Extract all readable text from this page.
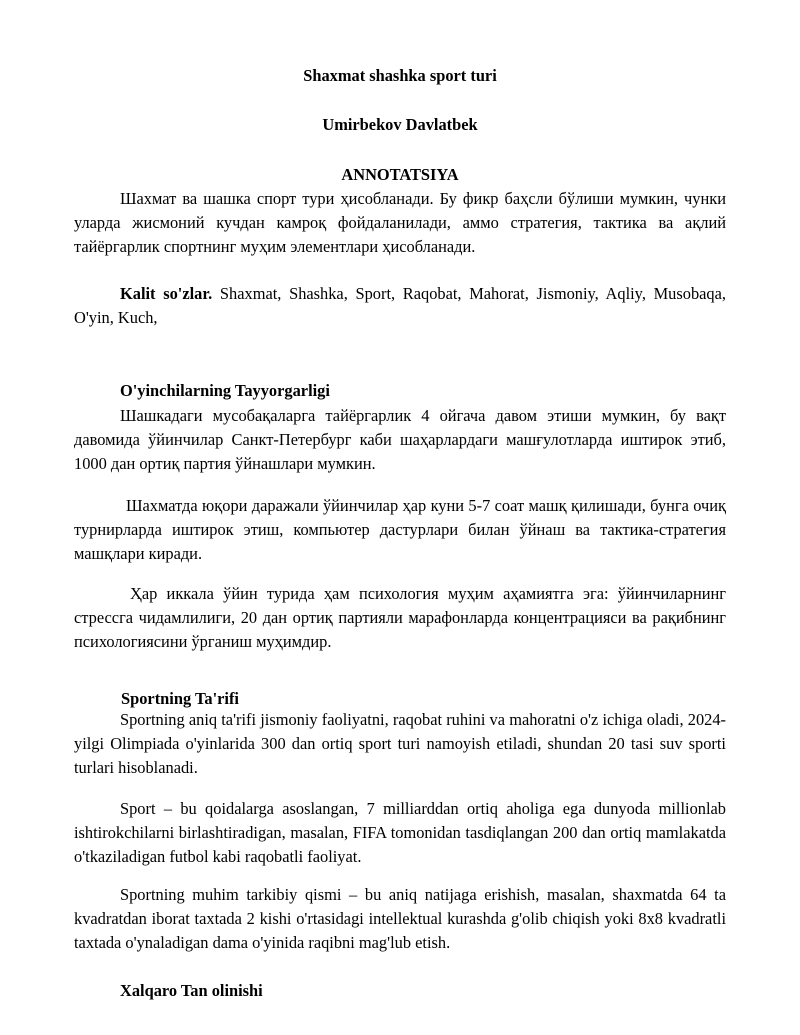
Shaxmat shashka sport turi
Umirbekov Davlatbek
ANNOTATSIYA
Шахмат ва шашка спорт тури ҳисобланади. Бу фикр баҳсли бўлиши мумкин, чунки уларда жисмоний кучдан камроқ фойдаланилади, аммо стратегия, тактика ва ақлий тайёргарлик спортнинг муҳим элементлари ҳисобланади.
Kalit so'zlar. Shaxmat, Shashka, Sport, Raqobat, Mahorat, Jismoniy, Aqliy, Musobaqa, O'yin, Kuch,
O'yinchilarning Tayyorgarligi
Шашкадаги мусобақаларга тайёргарлик 4 ойгача давом этиши мумкин, бу вақт давомида ўйинчилар Санкт-Петербург каби шаҳарлардаги машғулотларда иштирок этиб, 1000 дан ортиқ партия ўйнашлари мумкин.
Шахматда юқори даражали ўйинчилар ҳар куни 5-7 соат машқ қилишади, бунга очиқ турнирларда иштирок этиш, компьютер дастурлари билан ўйнаш ва тактика-стратегия машқлари киради.
Ҳар иккала ўйин турида ҳам психология муҳим аҳамиятга эга: ўйинчиларнинг стрессга чидамлилиги, 20 дан ортиқ партияли марафонларда концентрацияси ва рақибнинг психологиясини ўрганиш муҳимдир.
Sportning Ta'rifi
Sportning aniq ta'rifi jismoniy faoliyatni, raqobat ruhini va mahoratni o'z ichiga oladi, 2024-yilgi Olimpiada o'yinlarida 300 dan ortiq sport turi namoyish etiladi, shundan 20 tasi suv sporti turlari hisoblanadi.
Sport – bu qoidalarga asoslangan, 7 milliarddan ortiq aholiga ega dunyoda millionlab ishtirokchilarni birlashtiradigan, masalan, FIFA tomonidan tasdiqlangan 200 dan ortiq mamlakatda o'tkaziladigan futbol kabi raqobatli faoliyat.
Sportning muhim tarkibiy qismi – bu aniq natijaga erishish, masalan, shaxmatda 64 ta kvadratdan iborat taxtada 2 kishi o'rtasidagi intellektual kurashda g'olib chiqish yoki 8x8 kvadratli taxtada o'ynaladigan dama o'yinida raqibni mag'lub etish.
Xalqaro Tan olinishi
